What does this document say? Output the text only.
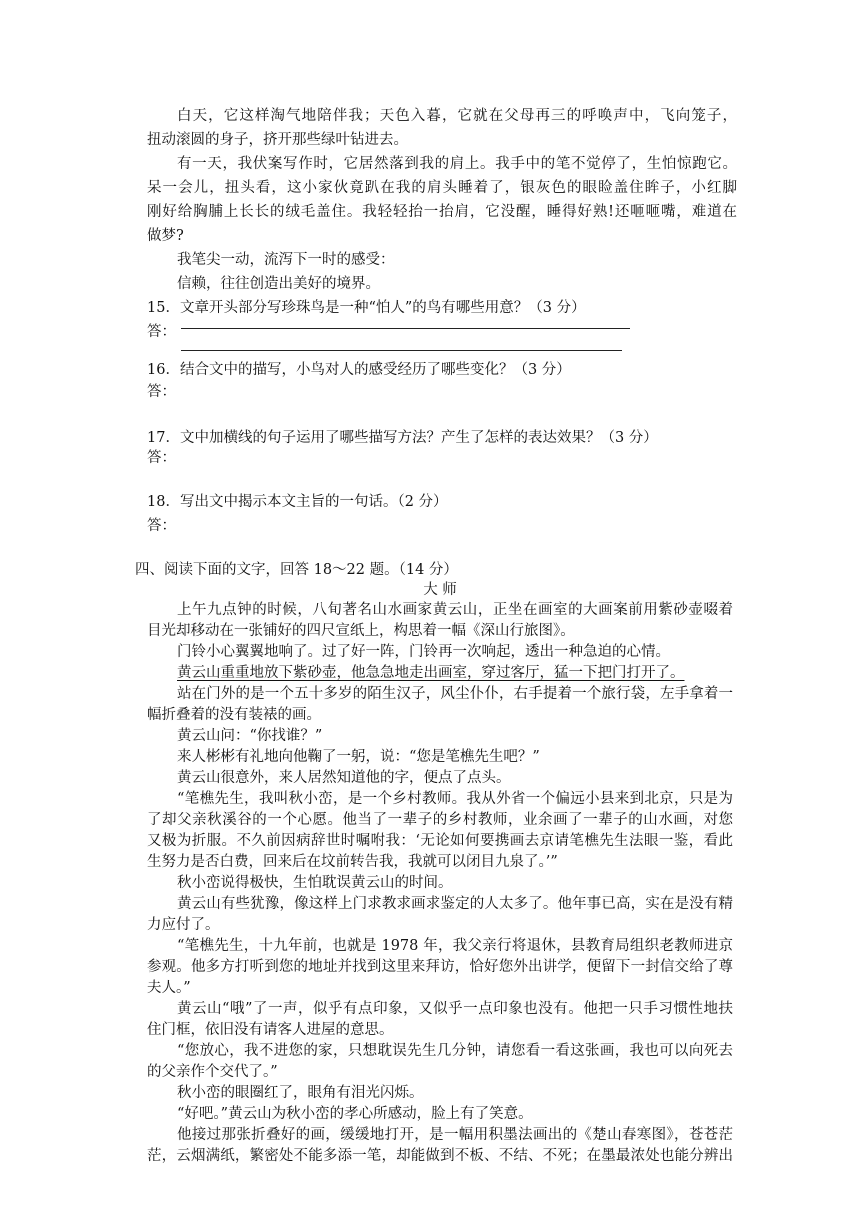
白天，它这样淘气地陪伴我；天色入暮，它就在父母再三的呼唤声中，飞向笼子，
扭动滚圆的身子，挤开那些绿叶钻进去。
有一天，我伏案写作时，它居然落到我的肩上。我手中的笔不觉停了，生怕惊跑它。
呆一会儿，扭头看，这小家伙竟趴在我的肩头睡着了，银灰色的眼睑盖住眸子，小红脚
刚好给胸脯上长长的绒毛盖住。我轻轻抬一抬肩，它没醒，睡得好熟!还咂咂嘴，难道在
做梦?
我笔尖一动，流泻下一时的感受：
信赖，往往创造出美好的境界。
15．文章开头部分写珍珠鸟是一种“怕人”的鸟有哪些用意？（3 分）
答：
16．结合文中的描写，小鸟对人的感受经历了哪些变化？（3 分）
答：
17．文中加横线的句子运用了哪些描写方法？产生了怎样的表达效果？（3 分）
答：
18．写出文中揭示本文主旨的一句话。（2 分）
答：
四、阅读下面的文字，回答 18～22 题。（14 分）
大 师
上午九点钟的时候，八旬著名山水画家黄云山，正坐在画室的大画案前用紫砂壶啜着
目光却移动在一张铺好的四尺宣纸上，构思着一幅《深山行旅图》。
门铃小心翼翼地响了。过了好一阵，门铃再一次响起，透出一种急迫的心情。
黄云山重重地放下紫砂壶，他急急地走出画室，穿过客厅，猛一下把门打开了。
站在门外的是一个五十多岁的陌生汉子，风尘仆仆，右手提着一个旅行袋，左手拿着一
幅折叠着的没有装裱的画。
黄云山问：“你找谁？”
来人彬彬有礼地向他鞠了一躬，说：“您是笔樵先生吧？”
黄云山很意外，来人居然知道他的字，便点了点头。
“笔樵先生，我叫秋小峦，是一个乡村教师。我从外省一个偏远小县来到北京，只是为
了却父亲秋溪谷的一个心愿。他当了一辈子的乡村教师，业余画了一辈子的山水画，对您
又极为折服。不久前因病辞世时嘱咐我：‘无论如何要携画去京请笔樵先生法眼一鉴，看此
生努力是否白费，回来后在坟前转告我，我就可以闭目九泉了。’”
秋小峦说得极快，生怕耽误黄云山的时间。
黄云山有些犹豫，像这样上门求教求画求鉴定的人太多了。他年事已高，实在是没有精
力应付了。
“笔樵先生，十九年前，也就是 1978 年，我父亲行将退休，县教育局组织老教师进京
参观。他多方打听到您的地址并找到这里来拜访，恰好您外出讲学，便留下一封信交给了尊
夫人。”
黄云山“哦”了一声，似乎有点印象，又似乎一点印象也没有。他把一只手习惯性地扶
住门框，依旧没有请客人进屋的意思。
“您放心，我不进您的家，只想耽误先生几分钟，请您看一看这张画，我也可以向死去
的父亲作个交代了。”
秋小峦的眼圈红了，眼角有泪光闪烁。
“好吧。”黄云山为秋小峦的孝心所感动，脸上有了笑意。
他接过那张折叠好的画，缓缓地打开，是一幅用积墨法画出的《楚山春寒图》，苍苍茫
茫，云烟满纸，繁密处不能多添一笔，却能做到不板、不结、不死；在墨最浓处也能分辨出
